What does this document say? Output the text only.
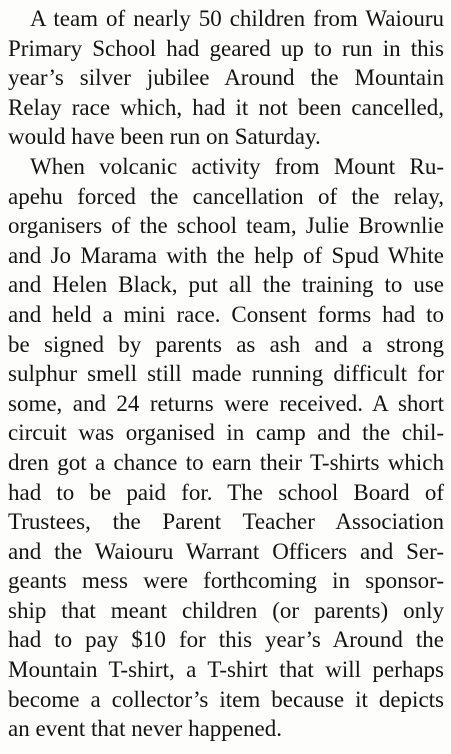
A team of nearly 50 children from Waiouru
Primary School had geared up to run in this
year’s silver jubilee Around the Mountain
Relay race which, had it not been cancelled,
would have been run on Saturday.
When volcanic activity from Mount Ru-
apehu forced the cancellation of the relay,
organisers of the school team, Julie Brownlie
and Jo Marama with the help of Spud White
and Helen Black, put all the training to use
and held a mini race. Consent forms had to
be signed by parents as ash and a strong
sulphur smell still made running difficult for
some, and 24 returns were received. A short
circuit was organised in camp and the chil-
dren got a chance to earn their T-shirts which
had to be paid for. The school Board of
Trustees, the Parent Teacher Association
and the Waiouru Warrant Officers and Ser-
geants mess were forthcoming in sponsor-
ship that meant children (or parents) only
had to pay $10 for this year’s Around the
Mountain T-shirt, a T-shirt that will perhaps
become a collector’s item because it depicts
an event that never happened.
